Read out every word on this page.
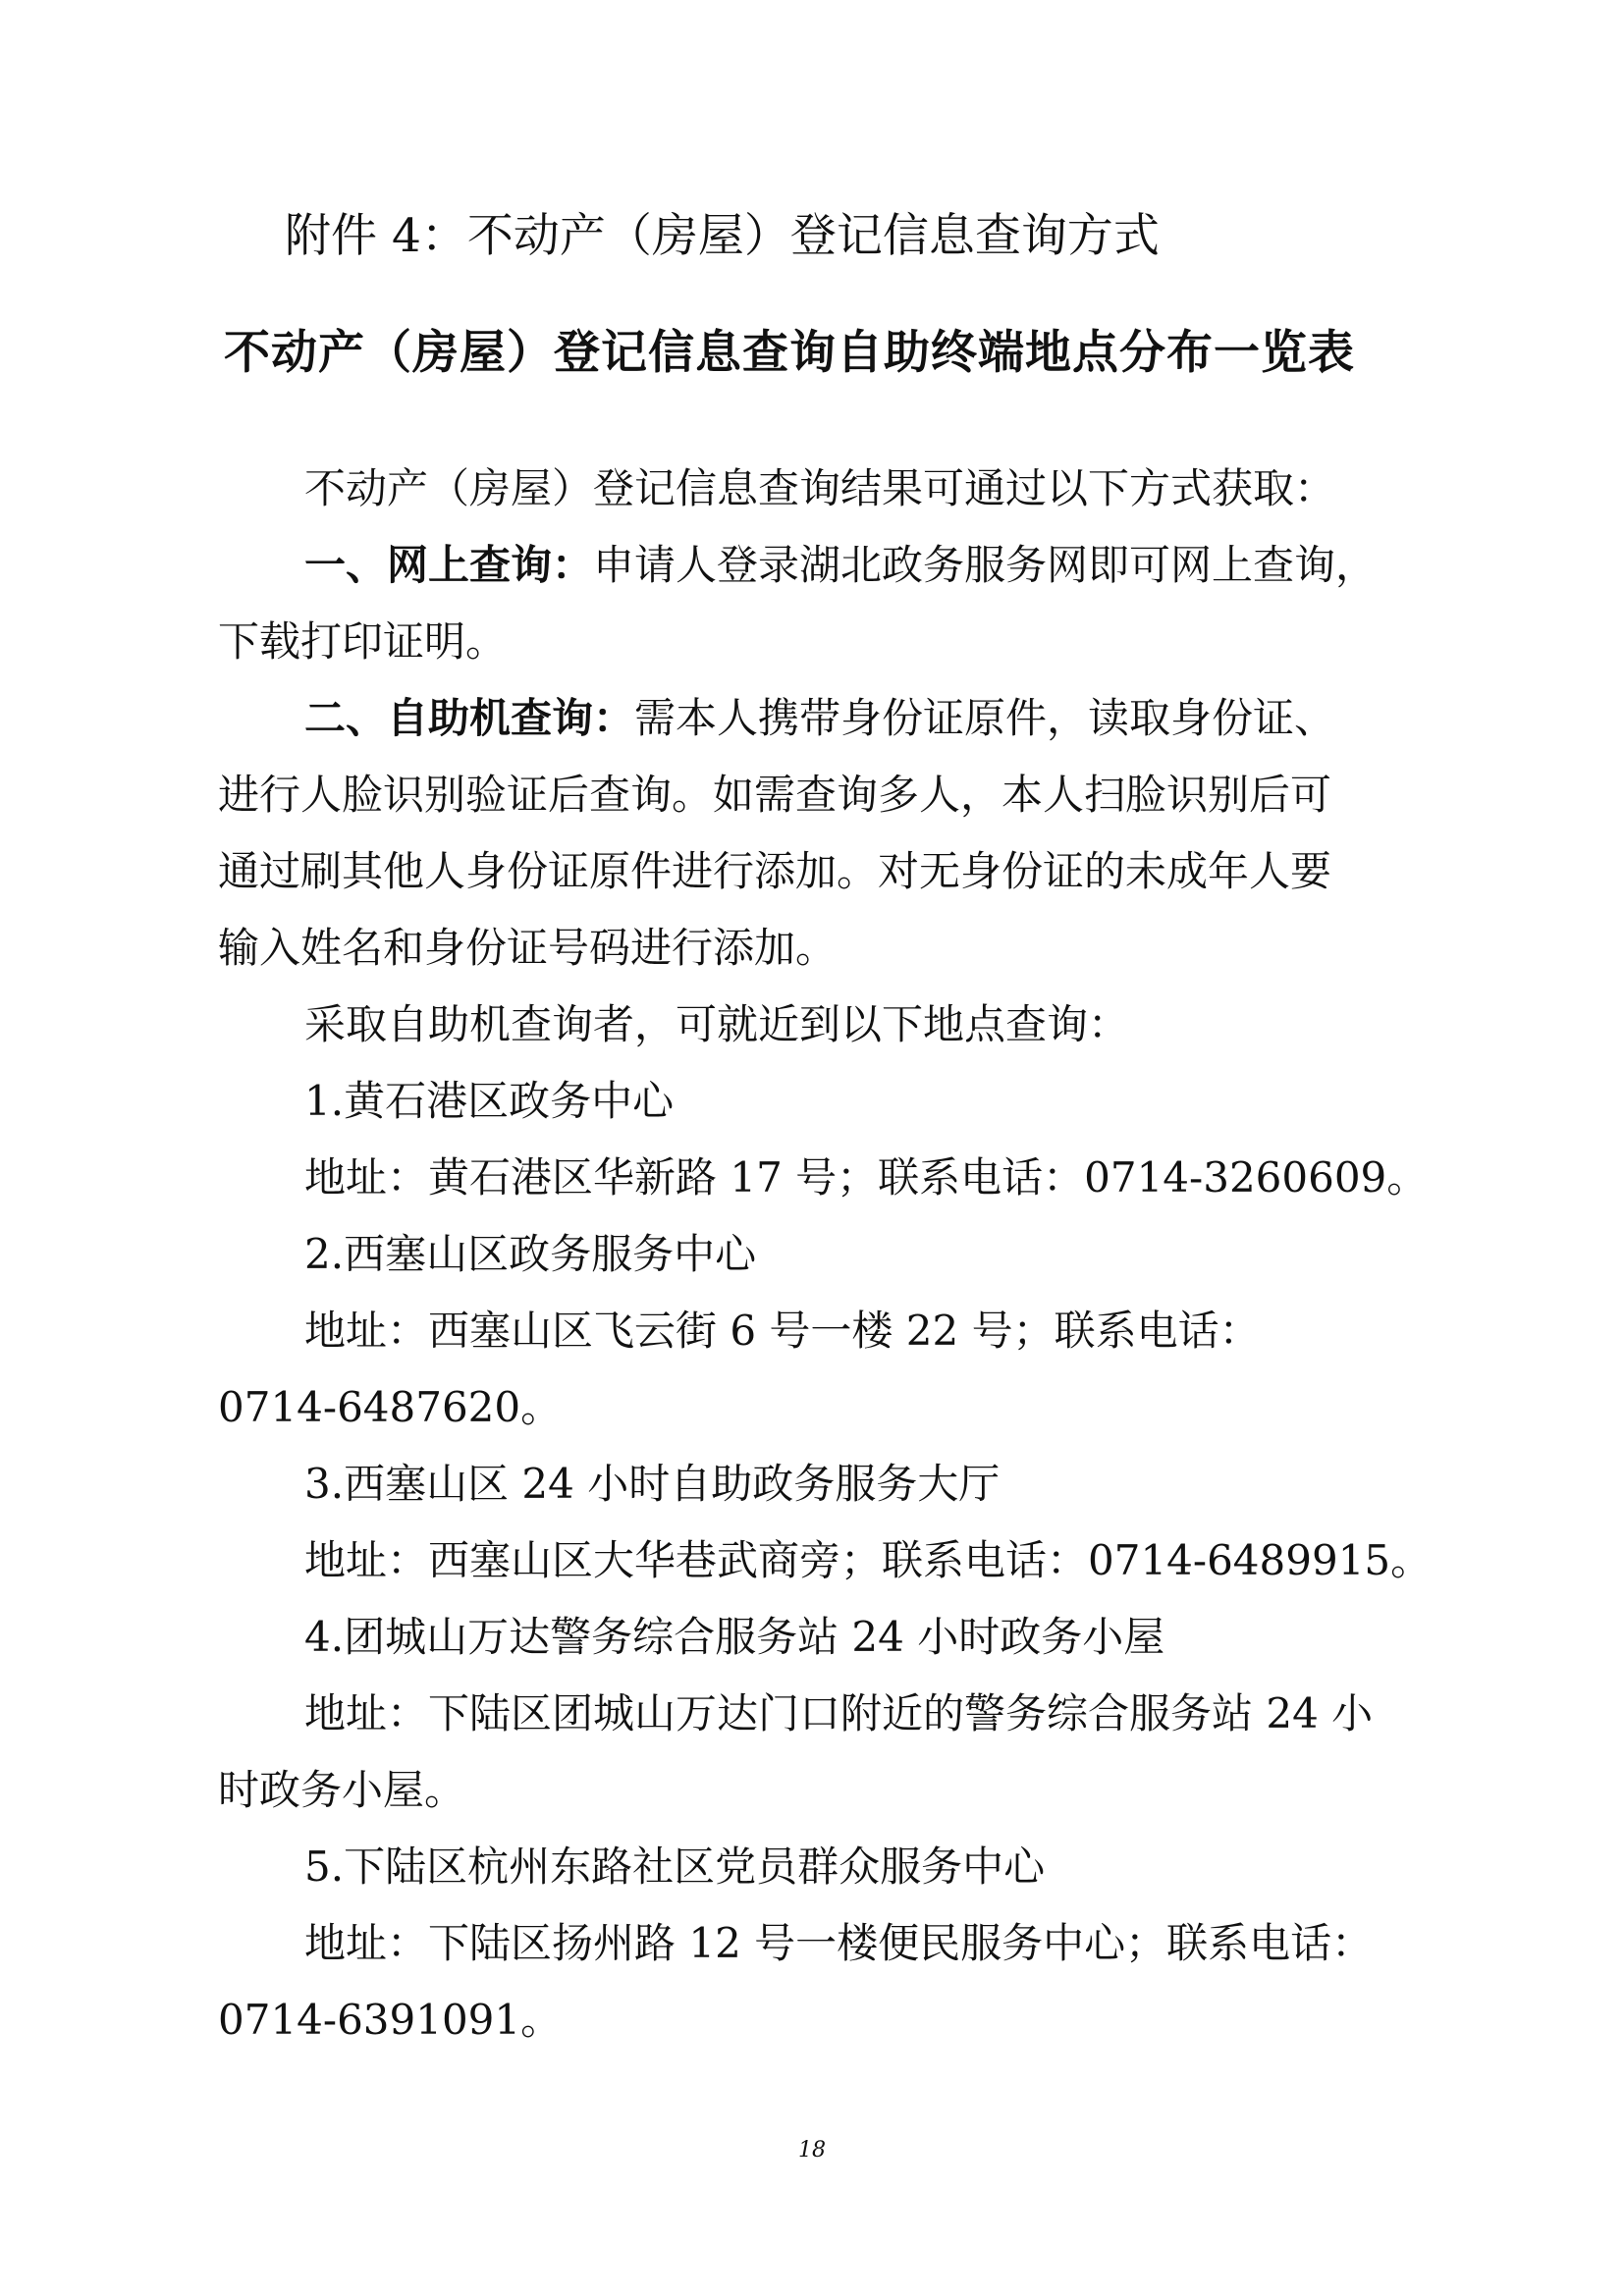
附件 4：不动产（房屋）登记信息查询方式
不动产（房屋）登记信息查询自助终端地点分布一览表
不动产（房屋）登记信息查询结果可通过以下方式获取：
一、网上查询：申请人登录湖北政务服务网即可网上查询，
下载打印证明。
二、自助机查询：需本人携带身份证原件，读取身份证、
进行人脸识别验证后查询。如需查询多人，本人扫脸识别后可
通过刷其他人身份证原件进行添加。对无身份证的未成年人要
输入姓名和身份证号码进行添加。
采取自助机查询者，可就近到以下地点查询：
1.黄石港区政务中心
地址：黄石港区华新路 17 号；联系电话：0714-3260609。
2.西塞山区政务服务中心
地址：西塞山区飞云街 6 号一楼 22 号；联系电话：
0714-6487620。
3.西塞山区 24 小时自助政务服务大厅
地址：西塞山区大华巷武商旁；联系电话：0714-6489915。
4.团城山万达警务综合服务站 24 小时政务小屋
地址：下陆区团城山万达门口附近的警务综合服务站 24 小
时政务小屋。
5.下陆区杭州东路社区党员群众服务中心
地址：下陆区扬州路 12 号一楼便民服务中心；联系电话：
0714-6391091。
18
